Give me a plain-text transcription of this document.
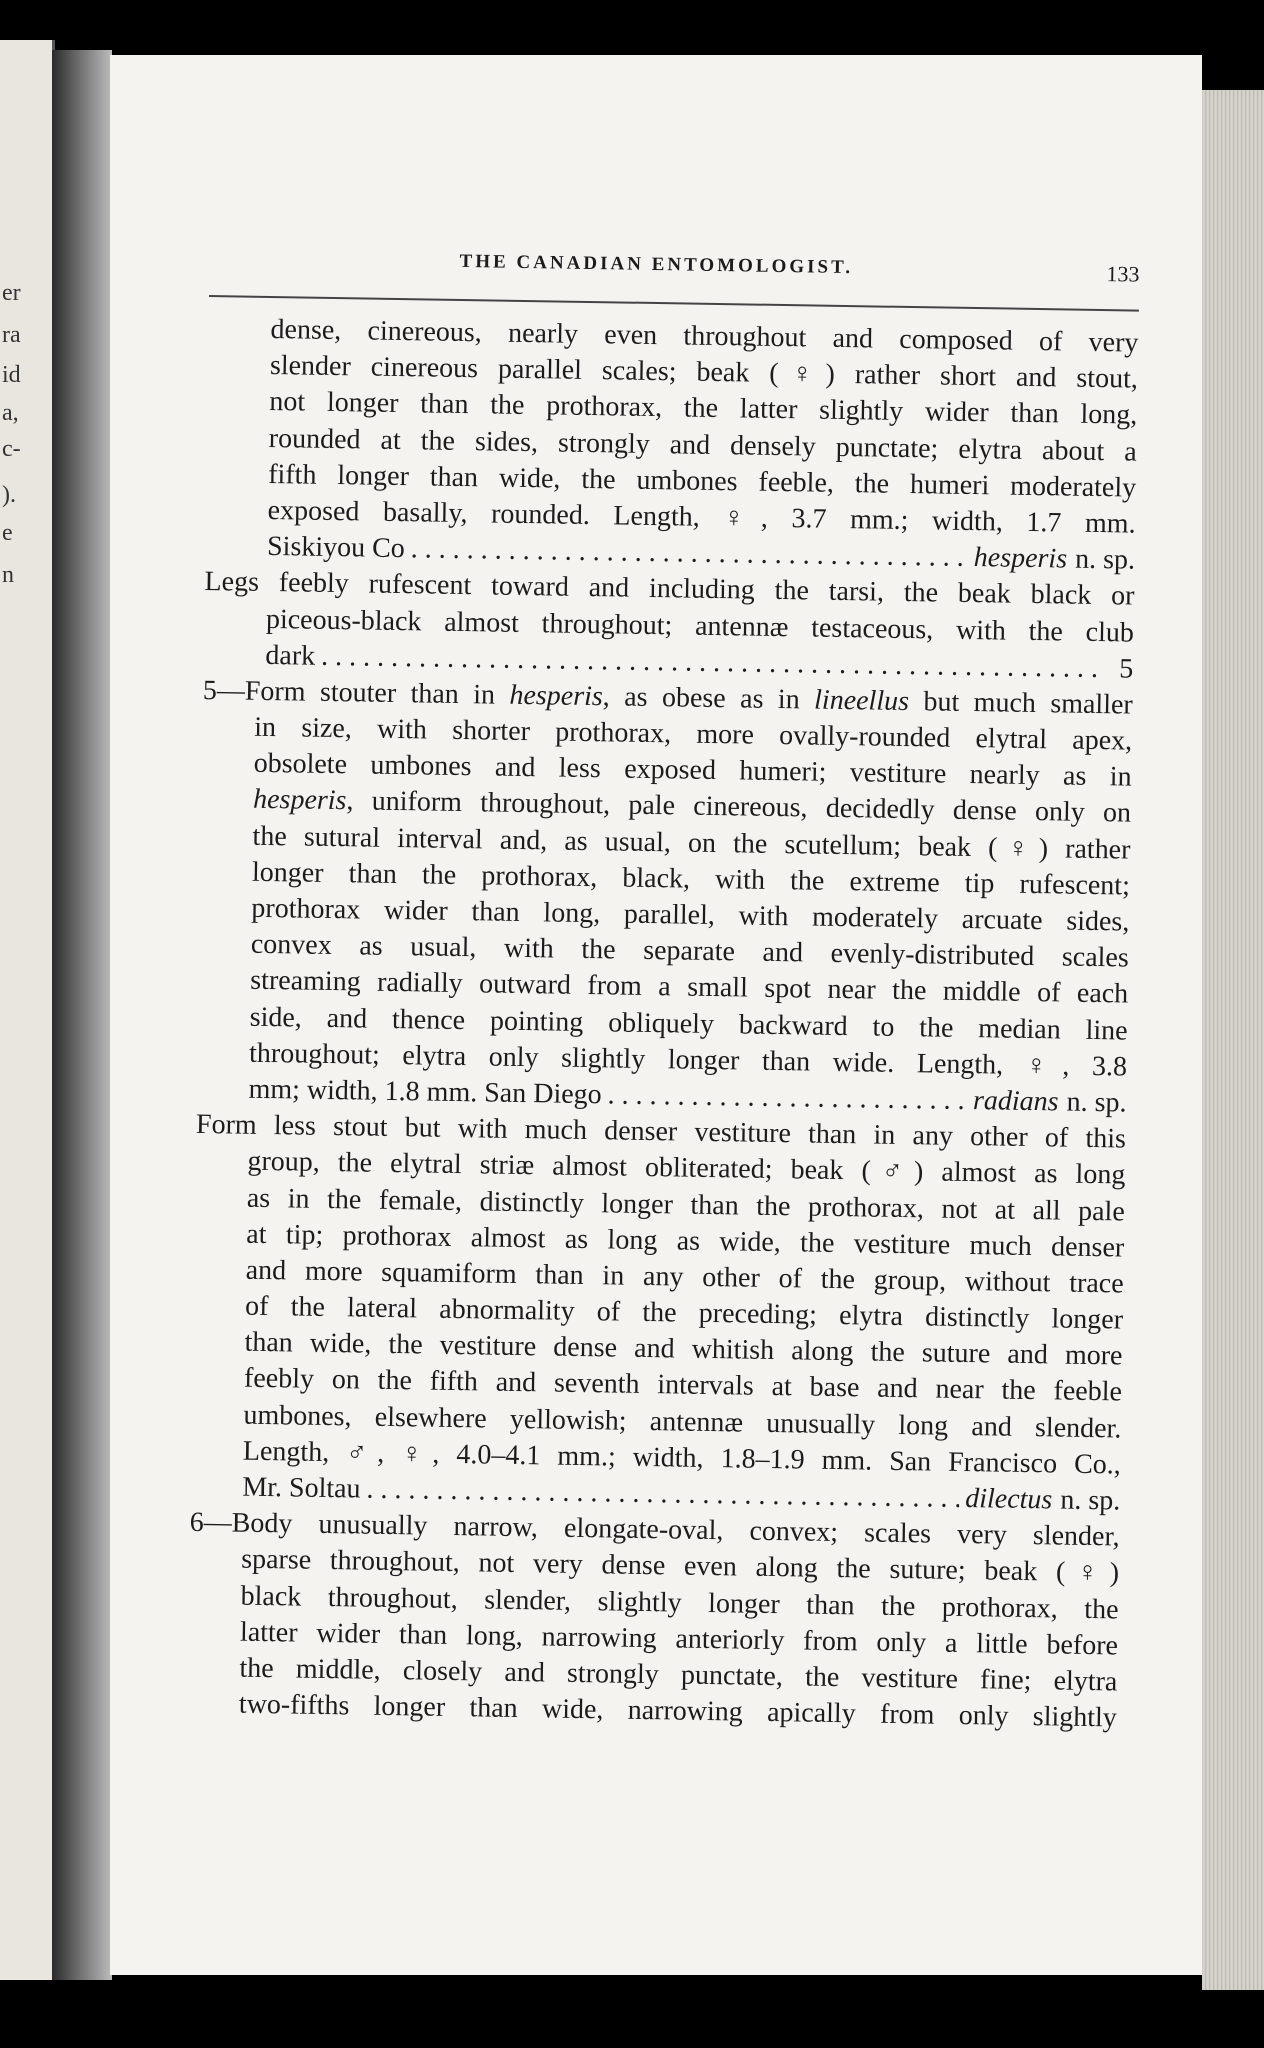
er
ra
id
a,
c-
).
e
n
THE CANADIAN ENTOMOLOGIST.	133
dense, cinereous, nearly even throughout and composed of very
slender cinereous parallel scales; beak (♀) rather short and stout,
not longer than the prothorax, the latter slightly wider than long,
rounded at the sides, strongly and densely punctate; elytra about a
fifth longer than wide, the umbones feeble, the humeri moderately
exposed basally, rounded. Length, ♀, 3.7 mm.; width, 1.7 mm.
Siskiyou Co . . .	hesperis n. sp.
Legs feebly rufescent toward and including the tarsi, the beak black or
piceous-black almost throughout; antennæ testaceous, with the club
dark . . .	5
5—Form stouter than in hesperis, as obese as in lineellus but much smaller
in size, with shorter prothorax, more ovally-rounded elytral apex,
obsolete umbones and less exposed humeri; vestiture nearly as in
hesperis, uniform throughout, pale cinereous, decidedly dense only on
the sutural interval and, as usual, on the scutellum; beak (♀) rather
longer than the prothorax, black, with the extreme tip rufescent;
prothorax wider than long, parallel, with moderately arcuate sides,
convex as usual, with the separate and evenly-distributed scales
streaming radially outward from a small spot near the middle of each
side, and thence pointing obliquely backward to the median line
throughout; elytra only slightly longer than wide. Length, ♀, 3.8
mm; width, 1.8 mm. San Diego . . .	radians n. sp.
Form less stout but with much denser vestiture than in any other of this
group, the elytral striæ almost obliterated; beak (♂) almost as long
as in the female, distinctly longer than the prothorax, not at all pale
at tip; prothorax almost as long as wide, the vestiture much denser
and more squamiform than in any other of the group, without trace
of the lateral abnormality of the preceding; elytra distinctly longer
than wide, the vestiture dense and whitish along the suture and more
feebly on the fifth and seventh intervals at base and near the feeble
umbones, elsewhere yellowish; antennæ unusually long and slender.
Length, ♂, ♀, 4.0–4.1 mm.; width, 1.8–1.9 mm. San Francisco Co.,
Mr. Soltau . . .	dilectus n. sp.
6—Body unusually narrow, elongate-oval, convex; scales very slender,
sparse throughout, not very dense even along the suture; beak (♀)
black throughout, slender, slightly longer than the prothorax, the
latter wider than long, narrowing anteriorly from only a little before
the middle, closely and strongly punctate, the vestiture fine; elytra
two-fifths longer than wide, narrowing apically from only slightly
